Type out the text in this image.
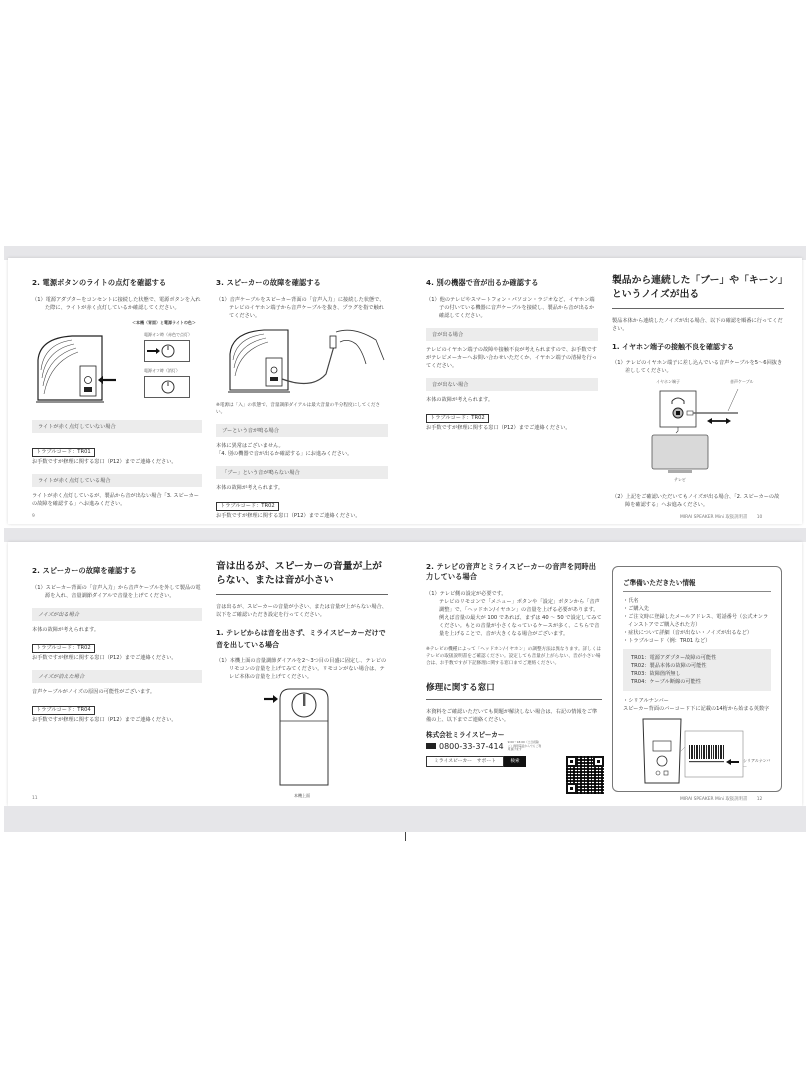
2. 電源ボタンのライトの点灯を確認する
（1）電源アダプターをコンセントに接続した状態で、電源ボタンを入れた際に、ライトが赤く点灯しているか確認してください。
＜本機（背面）と電源ライトの色＞
電源オン時（赤色で点灯）
電源オフ時（消灯）
ライトが赤く点灯していない場合
トラブルコード：TR01
お手数ですが修理に関する窓口（P12）までご連絡ください。
ライトが赤く点灯している場合
ライトが赤く点灯しているが、製品から音が出ない場合「3. スピーカーの故障を確認する」へお進みください。
3. スピーカーの故障を確認する
（1）音声ケーブルをスピーカー背面の「音声入力」に接続した状態で、テレビのイヤホン端子から音声ケーブルを抜き、プラグを指で触れてください。
※電源は「入」の状態で、音量調節ダイアルは最大音量の半分程度にしてください。
ブーという音が鳴る場合
本体に異常はございません。
「4. 別の機器で音が出るか確認する」にお進みください。
「ブー」という音が鳴らない場合
本体の故障が考えられます。
トラブルコード：TR02
お手数ですが修理に関する窓口（P12）までご連絡ください。
4. 別の機器で音が出るか確認する
（1）他のテレビやスマートフォン・パソコン・ラジオなど、イヤホン端子の付いている機器に音声ケーブルを接続し、製品から音が出るか確認してください。
音が出る場合
テレビのイヤホン端子の故障や接触不良が考えられますので、お手数ですがテレビメーカーへお問い合わせいただくか、イヤホン端子の清掃を行ってください。
音が出ない場合
本体の故障が考えられます。
トラブルコード：TR02
お手数ですが修理に関する窓口（P12）までご連絡ください。
製品から連続した「ブー」や「キーン」というノイズが出る
製品本体から連続したノイズが出る場合、以下の確認を順番に行ってください。
1. イヤホン端子の接触不良を確認する
（1）テレビのイヤホン端子に差し込んでいる音声ケーブルを5〜6回抜き差ししてください。
イヤホン端子	音声ケーブル
テレビ
（2）上記をご確認いただいてもノイズが出る場合、「2. スピーカーの故障を確認する」へお進みください。
9	MIRAI SPEAKER Mini 取扱説明書 10
2. スピーカーの故障を確認する
（1）スピーカー背面の「音声入力」から音声ケーブルを外して製品の電源を入れ、音量調節ダイアルで音量を上げてください。
ノイズが出る場合
本体の故障が考えられます。
トラブルコード：TR02
お手数ですが修理に関する窓口（P12）までご連絡ください。
ノイズが消えた場合
音声ケーブルがノイズの原因の可能性がございます。
トラブルコード：TR04
お手数ですが修理に関する窓口（P12）までご連絡ください。
音は出るが、スピーカーの音量が上がらない、または音が小さい
音は出るが、スピーカーの音量が小さい、または音量が上がらない場合、以下をご確認いただき設定を行ってください。
1. テレビからは音を出さず、ミライスピーカーだけで音を出している場合
（1）本機上面の音量調節ダイアルを2〜3つ目の目盛に固定し、テレビのリモコンの音量を上げてみてください。リモコンがない場合は、テレビ本体の音量を上げてください。
本機上面
2. テレビの音声とミライスピーカーの音声を同時出力している場合
（1）テレビ側の設定が必要です。
テレビのリモコンで「メニュー」ボタンや「設定」ボタンから「音声調整」で、「ヘッドホン/イヤホン」の音量を上げる必要があります。例えば音量の最大が 100 であれば、まずは 40 〜 50 で設定してみてください。もとの音量が小さくなっているケースが多く、こちらで音量を上げることで、音が大きくなる場合がございます。
※テレビの機種によって「ヘッドホン/イヤホン」の調整方法は異なります。詳しくはテレビの取扱説明書をご確認ください。設定しても音量が上がらない、音が小さい場合は、お手数ですが下記修理に関する窓口までご連絡ください。
修理に関する窓口
本資料をご確認いただいても問題が解決しない場合は、右記の情報をご準備の上、以下までご連絡ください。
株式会社ミライスピーカー
0800-33-37-414 9:00〜18:00（土日祝除く）携帯電話からでもご利用頂けます
ミライスピーカー　サポート	検索
ご準備いただきたい情報
・氏名
・ご購入先
・ご注文時に登録したメールアドレス、電話番号（公式オンラインストアでご購入された方）
・症状について詳細（音が出ない・ノイズが出るなど）
・トラブルコード（例：TR01 など）
TR01：電源アダプター故障の可能性
TR02：製品本体の故障の可能性
TR03：故障箇所無し
TR04：ケーブル断線の可能性
・シリアルナンバー
スピーカー背面のバーコード下に記載の14桁から始まる英数字
シリアルナンバー
11	MIRAI SPEAKER Mini 取扱説明書 12
